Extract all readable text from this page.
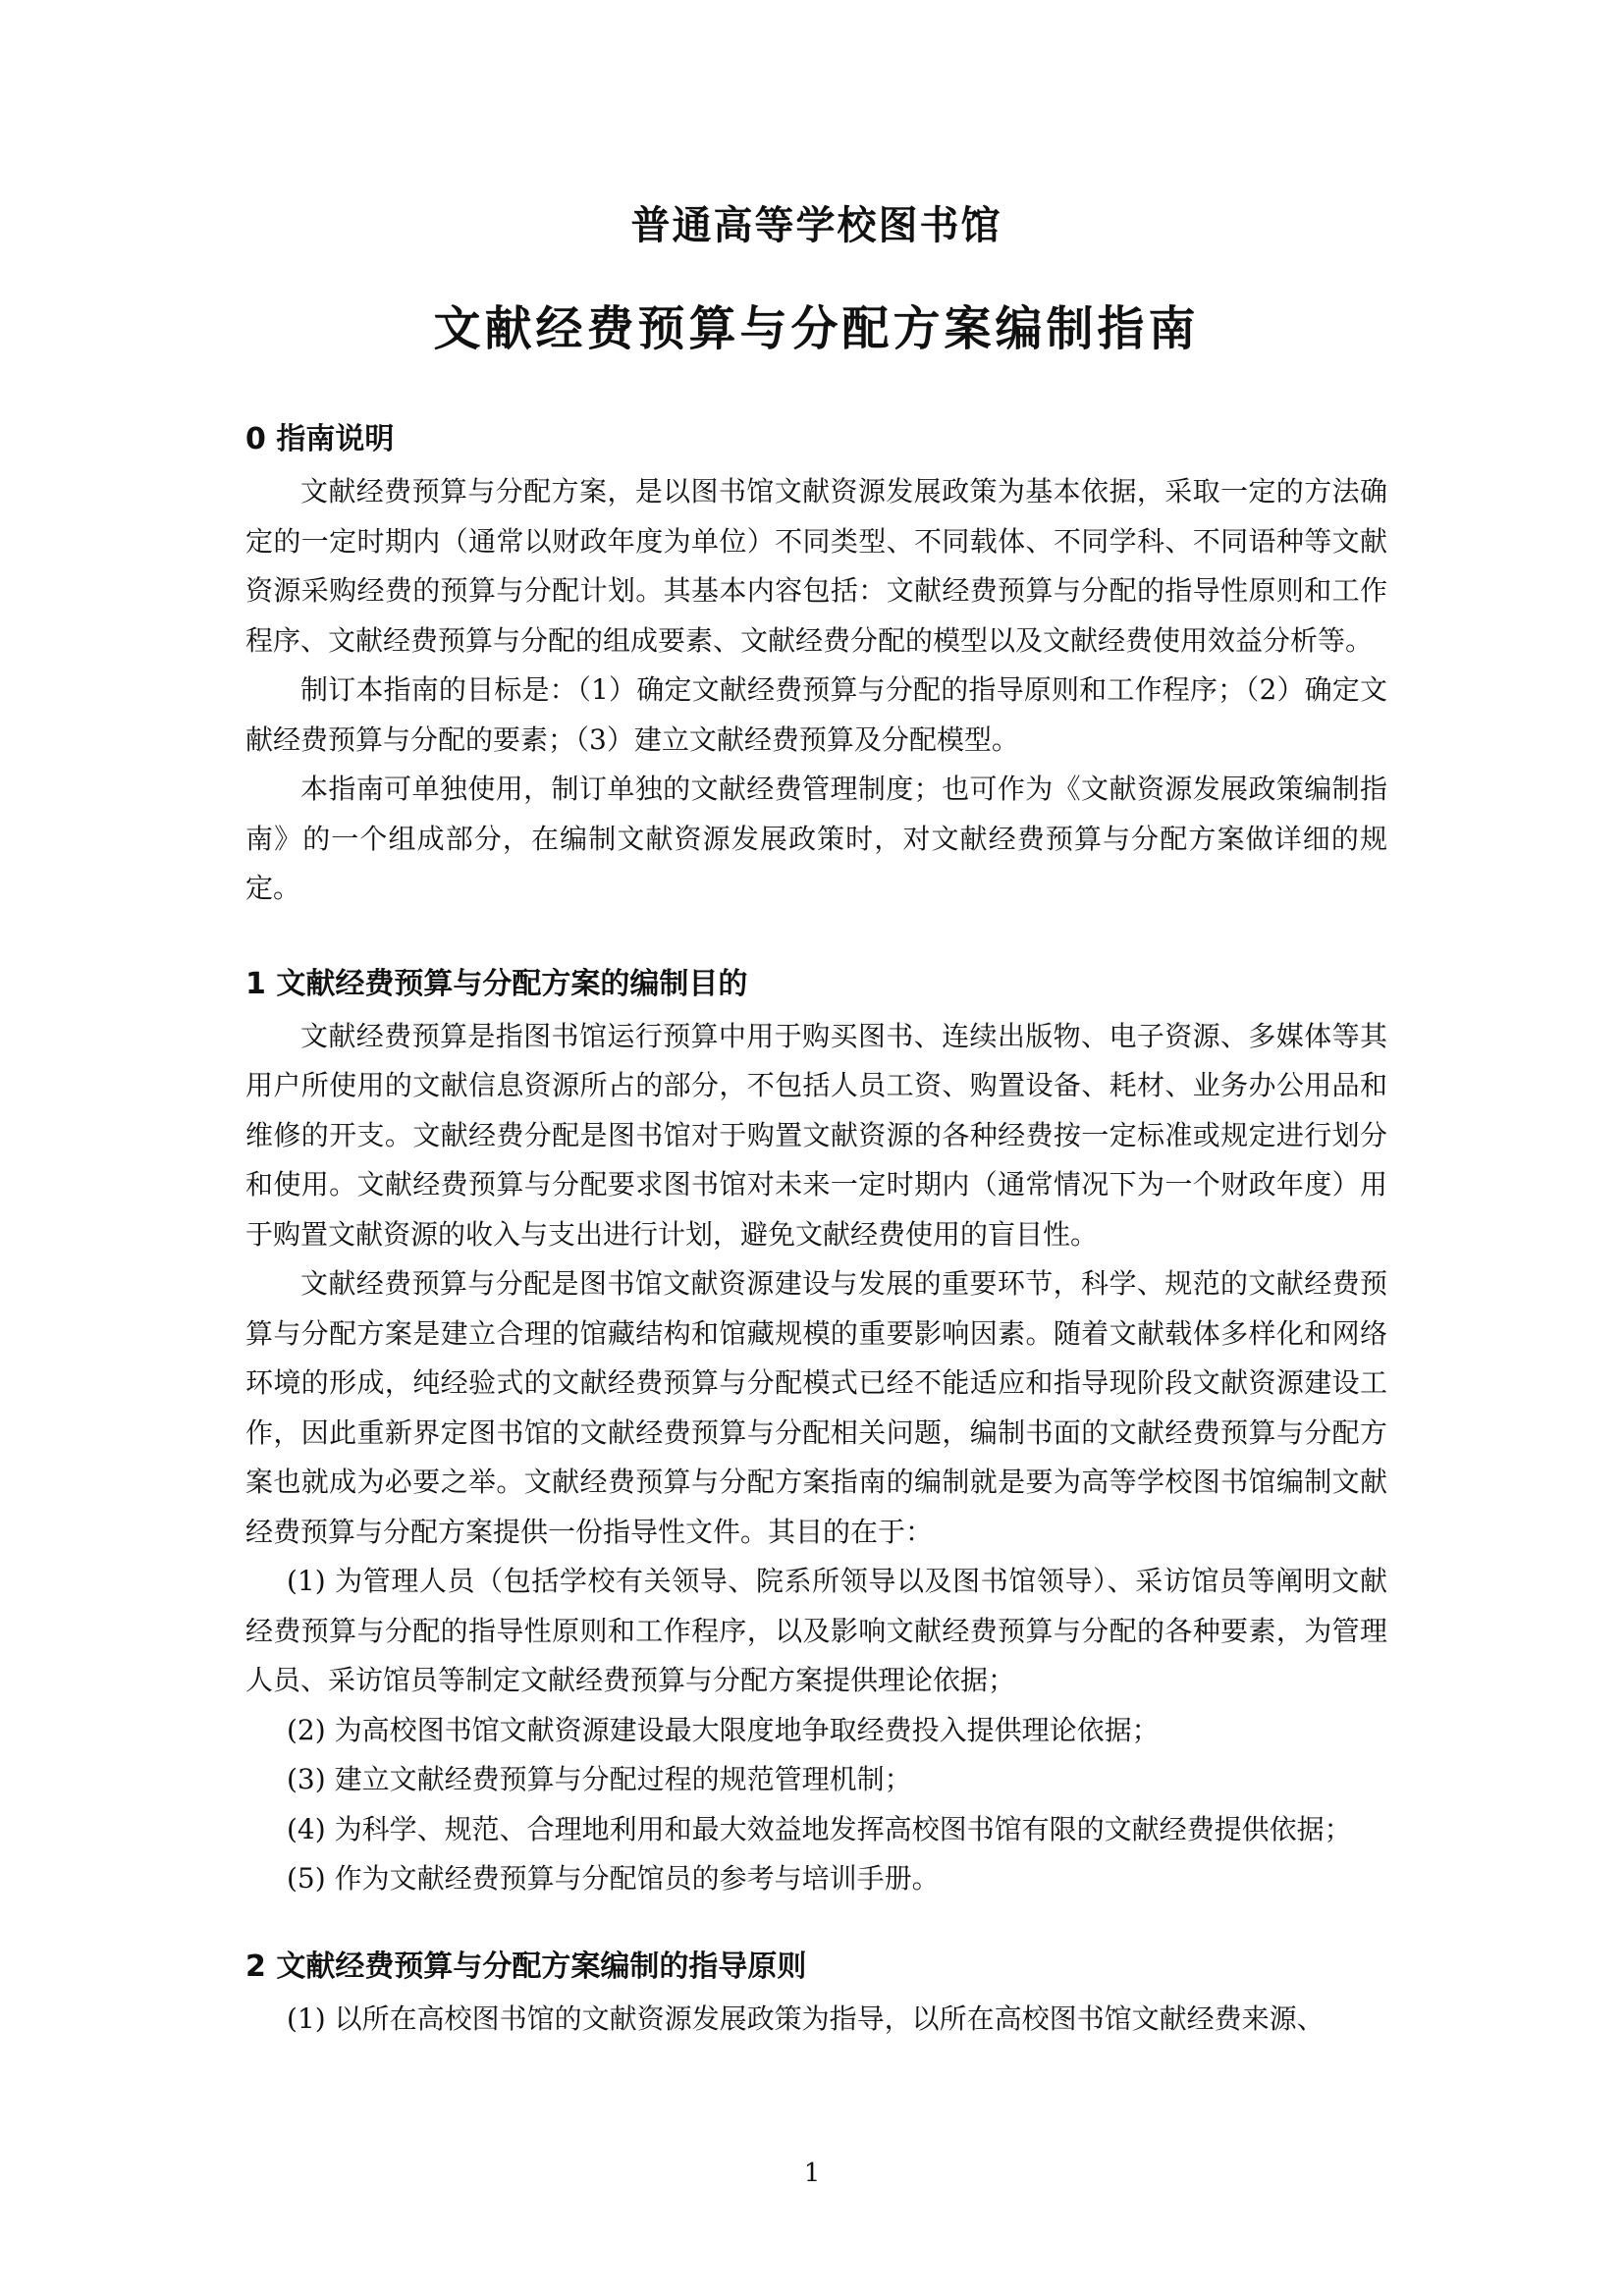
普通高等学校图书馆
文献经费预算与分配方案编制指南
0 指南说明

文献经费预算与分配方案，是以图书馆文献资源发展政策为基本依据，采取一定的方法确定的一定时期内（通常以财政年度为单位）不同类型、不同载体、不同学科、不同语种等文献资源采购经费的预算与分配计划。其基本内容包括：文献经费预算与分配的指导性原则和工作程序、文献经费预算与分配的组成要素、文献经费分配的模型以及文献经费使用效益分析等。

制订本指南的目标是：（1）确定文献经费预算与分配的指导原则和工作程序；（2）确定文献经费预算与分配的要素；（3）建立文献经费预算及分配模型。

本指南可单独使用，制订单独的文献经费管理制度；也可作为《文献资源发展政策编制指南》的一个组成部分，在编制文献资源发展政策时，对文献经费预算与分配方案做详细的规定。

1 文献经费预算与分配方案的编制目的

文献经费预算是指图书馆运行预算中用于购买图书、连续出版物、电子资源、多媒体等其用户所使用的文献信息资源所占的部分，不包括人员工资、购置设备、耗材、业务办公用品和维修的开支。文献经费分配是图书馆对于购置文献资源的各种经费按一定标准或规定进行划分和使用。文献经费预算与分配要求图书馆对未来一定时期内（通常情况下为一个财政年度）用于购置文献资源的收入与支出进行计划，避免文献经费使用的盲目性。

文献经费预算与分配是图书馆文献资源建设与发展的重要环节，科学、规范的文献经费预算与分配方案是建立合理的馆藏结构和馆藏规模的重要影响因素。随着文献载体多样化和网络环境的形成，纯经验式的文献经费预算与分配模式已经不能适应和指导现阶段文献资源建设工作，因此重新界定图书馆的文献经费预算与分配相关问题，编制书面的文献经费预算与分配方案也就成为必要之举。文献经费预算与分配方案指南的编制就是要为高等学校图书馆编制文献经费预算与分配方案提供一份指导性文件。其目的在于：

(1) 为管理人员（包括学校有关领导、院系所领导以及图书馆领导）、采访馆员等阐明文献经费预算与分配的指导性原则和工作程序，以及影响文献经费预算与分配的各种要素，为管理人员、采访馆员等制定文献经费预算与分配方案提供理论依据；

(2) 为高校图书馆文献资源建设最大限度地争取经费投入提供理论依据；

(3) 建立文献经费预算与分配过程的规范管理机制；

(4) 为科学、规范、合理地利用和最大效益地发挥高校图书馆有限的文献经费提供依据；

(5) 作为文献经费预算与分配馆员的参考与培训手册。

2 文献经费预算与分配方案编制的指导原则

(1) 以所在高校图书馆的文献资源发展政策为指导，以所在高校图书馆文献经费来源、

1
